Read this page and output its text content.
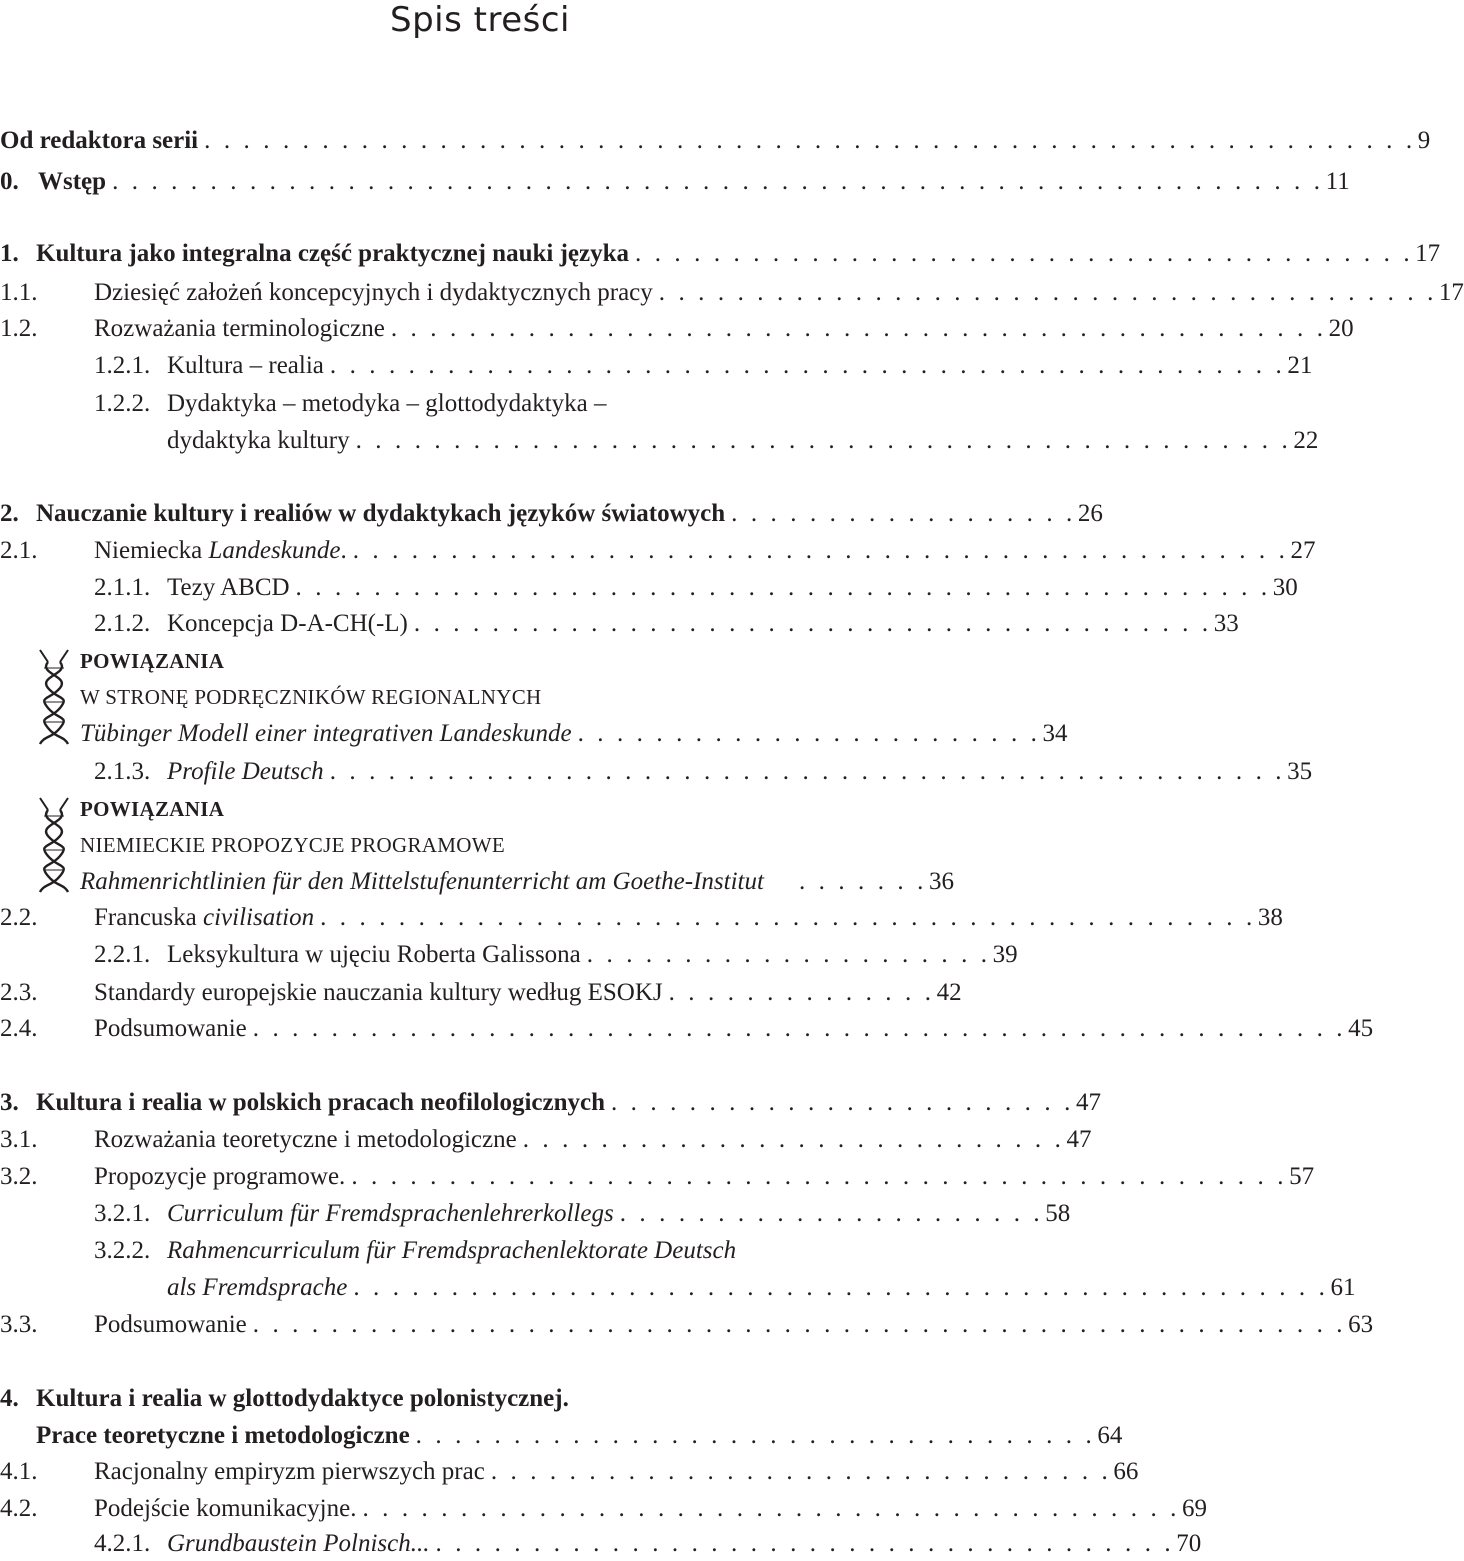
Spis treści
Od redaktora serii . . . . . . . . . . . . . . . . . . . . . . . . . . . . . . . . . . . . . . . . . . . . . . . . . . . . . . . . . . . . . . 9
0. Wstęp . . . . . . . . . . . . . . . . . . . . . . . . . . . . . . . . . . . . . . . . . . . . . . . . . . . . . . . . . . . . . . 11
1. Kultura jako integralna część praktycznej nauki języka . . . . . . . . . . . . . . . . . . . . . . . . . . . . . . . . . . . . . . . . 17
1.1.	Dziesięć założeń koncepcyjnych i dydaktycznych pracy . . . . . . . . . . . . . . . . . . . . . . . . . . . . . . . . . . . . . . . . 17
1.2.	Rozważania terminologiczne . . . . . . . . . . . . . . . . . . . . . . . . . . . . . . . . . . . . . . . . . . . . . . . . 20
1.2.1. Kultura – realia . . . . . . . . . . . . . . . . . . . . . . . . . . . . . . . . . . . . . . . . . . . . . . . . . 21
1.2.2. Dydaktyka – metodyka – glottodydaktyka –
dydaktyka kultury . . . . . . . . . . . . . . . . . . . . . . . . . . . . . . . . . . . . . . . . . . . . . . . . 22
2. Nauczanie kultury i realiów w dydaktykach języków światowych . . . . . . . . . . . . . . . . . . 26
2.1.	Niemiecka Landeskunde. . . . . . . . . . . . . . . . . . . . . . . . . . . . . . . . . . . . . . . . . . . . . . . . . 27
2.1.1. Tezy ABCD . . . . . . . . . . . . . . . . . . . . . . . . . . . . . . . . . . . . . . . . . . . . . . . . . . 30
2.1.2. Koncepcja D-A-CH(-L) . . . . . . . . . . . . . . . . . . . . . . . . . . . . . . . . . . . . . . . . . 33
POWIĄZANIA
W STRONĘ PODRĘCZNIKÓW REGIONALNYCH
Tübinger Modell einer integrativen Landeskunde . . . . . . . . . . . . . . . . . . . . . . . . 34
2.1.3. Profile Deutsch . . . . . . . . . . . . . . . . . . . . . . . . . . . . . . . . . . . . . . . . . . . . . . . . . 35
POWIĄZANIA
NIEMIECKIE PROPOZYCJE PROGRAMOWE
Rahmenrichtlinien für den Mittelstufenunterricht am Goethe-Institut	. . . . . . . 36
2.2.	Francuska civilisation . . . . . . . . . . . . . . . . . . . . . . . . . . . . . . . . . . . . . . . . . . . . . . . . 38
2.2.1. Leksykultura w ujęciu Roberta Galissona . . . . . . . . . . . . . . . . . . . . . 39
2.3.	Standardy europejskie nauczania kultury według ESOKJ . . . . . . . . . . . . . . 42
2.4.	Podsumowanie . . . . . . . . . . . . . . . . . . . . . . . . . . . . . . . . . . . . . . . . . . . . . . . . . . . . . . . . 45
3. Kultura i realia w polskich pracach neofilologicznych . . . . . . . . . . . . . . . . . . . . . . . . 47
3.1.	Rozważania teoretyczne i metodologiczne . . . . . . . . . . . . . . . . . . . . . . . . . . . . 47
3.2.	Propozycje programowe. . . . . . . . . . . . . . . . . . . . . . . . . . . . . . . . . . . . . . . . . . . . . . . . . 57
3.2.1. Curriculum für Fremdsprachenlehrerkollegs . . . . . . . . . . . . . . . . . . . . . . 58
3.2.2. Rahmencurriculum für Fremdsprachenlektorate Deutsch
als Fremdsprache . . . . . . . . . . . . . . . . . . . . . . . . . . . . . . . . . . . . . . . . . . . . . . . . . . 61
3.3.	Podsumowanie . . . . . . . . . . . . . . . . . . . . . . . . . . . . . . . . . . . . . . . . . . . . . . . . . . . . . . . . 63
4. Kultura i realia w glottodydaktyce polonistycznej.
Prace teoretyczne i metodologiczne . . . . . . . . . . . . . . . . . . . . . . . . . . . . . . . . . . . 64
4.1.	Racjonalny empiryzm pierwszych prac . . . . . . . . . . . . . . . . . . . . . . . . . . . . . . . . 66
4.2.	Podejście komunikacyjne. . . . . . . . . . . . . . . . . . . . . . . . . . . . . . . . . . . . . . . . . . . 69
4.2.1. Grundbaustein Polnisch... . . . . . . . . . . . . . . . . . . . . . . . . . . . . . . . . . . . . . . 70
